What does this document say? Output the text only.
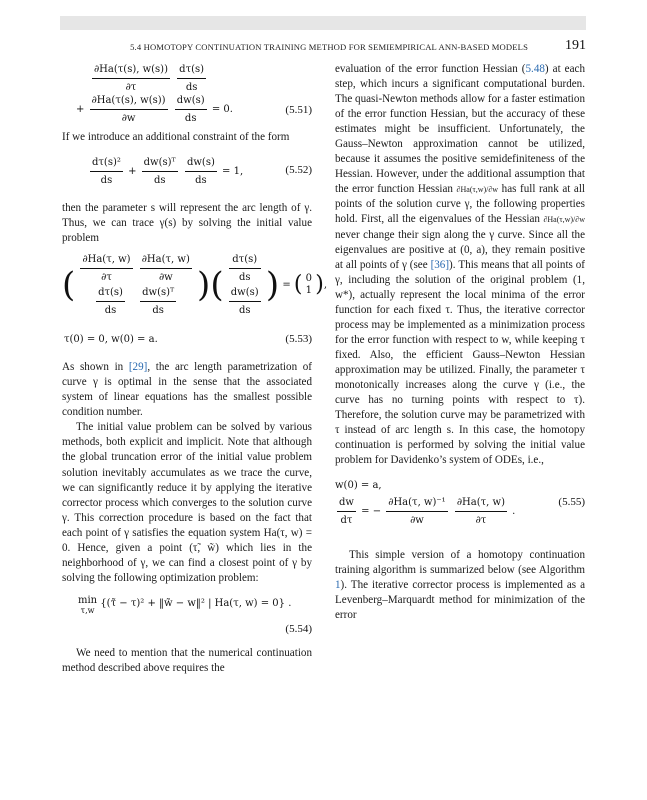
5.4 HOMOTOPY CONTINUATION TRAINING METHOD FOR SEMIEMPIRICAL ANN-BASED MODELS	191
$\frac{\partial Ha(\tau(s), w(s))}{\partial\tau}$
$\frac{d\tau(s)}{ds}$
+ $\frac{\partial Ha(\tau(s), w(s))}{\partial w}$
$\frac{dw(s)}{ds} = 0$.	(5.51)

If we introduce an additional constraint of the form

$\frac{\text{dτ(s)²}}{ds} + \frac{\text{dw(s)ᵀ}}{ds}$
$\frac{dw(s)}{ds} = 1$,	(5.52)

then the parameter s will represent the arc length of γ. Thus, we can trace γ(s) by solving the initial value problem

( $\frac{\partial Ha(\tau, w)}{\partial\tau}$
$\frac{\partial Ha(\tau, w)}{\partial w}$
$\frac{d\tau(s)}{ds}$
$\frac{\text{dw(s)ᵀ}}{ds}$ )(
dτ(s)
ds
dw(s)
ds
) = ( 0
1 ),
τ(0) = 0, w(0) = a.	(5.53)

As shown in [29], the arc length parametrization of curve γ is optimal in the sense that the associated system of linear equations has the smallest possible condition number.

The initial value problem can be solved by various methods, both explicit and implicit. Note that although the global truncation error of the initial value problem solution inevitably accumulates as we trace the curve, we can significantly reduce it by applying the iterative corrector process which converges to the solution curve γ. This correction procedure is based on the fact that each point of γ satisfies the equation system Ha(τ, w) = 0. Hence, given a point (τ̃, w̃) which lies in the neighborhood of γ, we can find a closest point of γ by solving the following optimization problem:

min
τ,w
{(τ̃ − τ)² + ‖w̃ − w‖² | Ha(τ, w) = 0} .
(5.54)

We need to mention that the numerical continuation method described above requires the

evaluation of the error function Hessian (5.48) at each step, which incurs a significant computational burden. The quasi-Newton methods allow for a faster estimation of the error function Hessian, but the accuracy of these estimates might be insufficient. Unfortunately, the Gauss–Newton approximation cannot be utilized, because it assumes the positive semidefiniteness of the Hessian. However, under the additional assumption that the error function Hessian ∂Ha(τ,w)/∂w has full rank at all points of the solution curve γ, the following properties hold. First, all the eigenvalues of the Hessian ∂Ha(τ,w)/∂w never change their sign along the γ curve. Since all the eigenvalues are positive at (0, a), they remain positive at all points of γ (see [36]). This means that all points of γ, including the solution of the original problem (1, w*), actually represent the local minima of the error function for each fixed τ. Thus, the iterative corrector process may be implemented as a minimization process for the error function with respect to w, while keeping τ fixed. Also, the efficient Gauss–Newton Hessian approximation may be utilized. Finally, the parameter τ monotonically increases along the curve γ (i.e., the curve has no turning points with respect to τ). Therefore, the solution curve may be parametrized with τ instead of arc length s. In this case, the homotopy continuation is performed by solving the initial value problem for Davidenko’s system of ODEs, i.e.,

w(0) = a,
$\frac{dw}{d\tau}$ = − $\frac{\text{∂Ha(τ, w)⁻¹}}{\partial w}$
$\frac{\partial Ha(\tau, w)}{\partial\tau}$ .
(5.55)

This simple version of a homotopy continuation training algorithm is summarized below (see Algorithm 1). The iterative corrector process is implemented as a Levenberg–Marquardt method for minimization of the error
